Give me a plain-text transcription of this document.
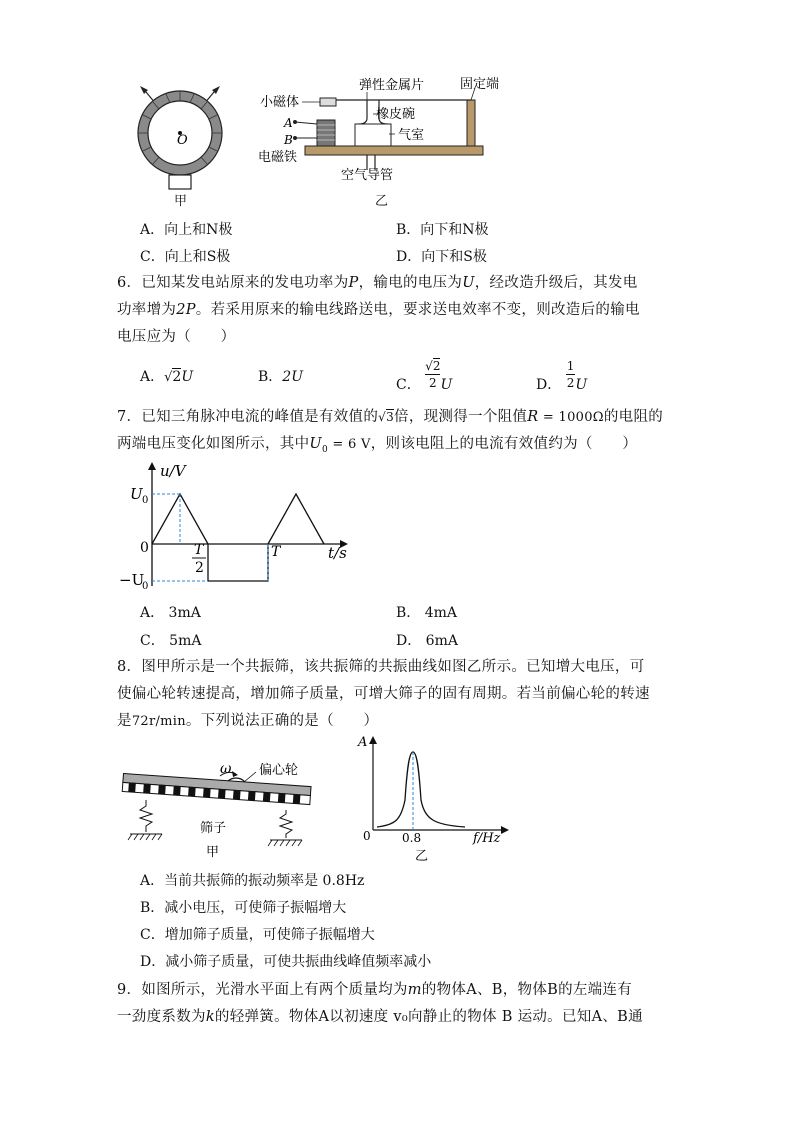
O
甲
弹性金属片	固定端
小磁体
橡皮碗
A
B	气室
电磁铁
空气导管
乙
A．向上和N极	B．向下和N极
C．向上和S极	D．向下和S极
6．已知某发电站原来的发电功率为P，输电的电压为U，经改造升级后，其发电
功率增为2P。若采用原来的输电线路送电，要求送电效率不变，则改造后的输电
电压应为（　　）
A．√2U	B．2U	C． $\frac{√2}{2}$ U	D． $\frac{1}{2}$ U
7．已知三角脉冲电流的峰值是有效值的√3倍，现测得一个阻值R = 1000Ω的电阻的
两端电压变化如图所示，其中$U_0 = 6$ V，则该电阻上的电流有效值约为（　　）
u/V
t/s
U 0
−U
0
0	T
2
T
A． 3mA	B． 4mA
C． 5mA	D． 6mA
8．图甲所示是一个共振筛，该共振筛的共振曲线如图乙所示。已知增大电压，可
使偏心轮转速提高，增加筛子质量，可增大筛子的固有周期。若当前偏心轮的转速
是72r/min。下列说法正确的是（　　）
ω 偏心轮
筛子
甲
A
0	0.8	f/Hz
乙
A．当前共振筛的振动频率是 0.8Hz
B．减小电压，可使筛子振幅增大
C．增加筛子质量，可使筛子振幅增大
D．减小筛子质量，可使共振曲线峰值频率减小
9．如图所示，光滑水平面上有两个质量均为m的物体A、B，物体B的左端连有
一劲度系数为k的轻弹簧。物体A以初速度 v₀向静止的物体 B 运动。已知A、B通
